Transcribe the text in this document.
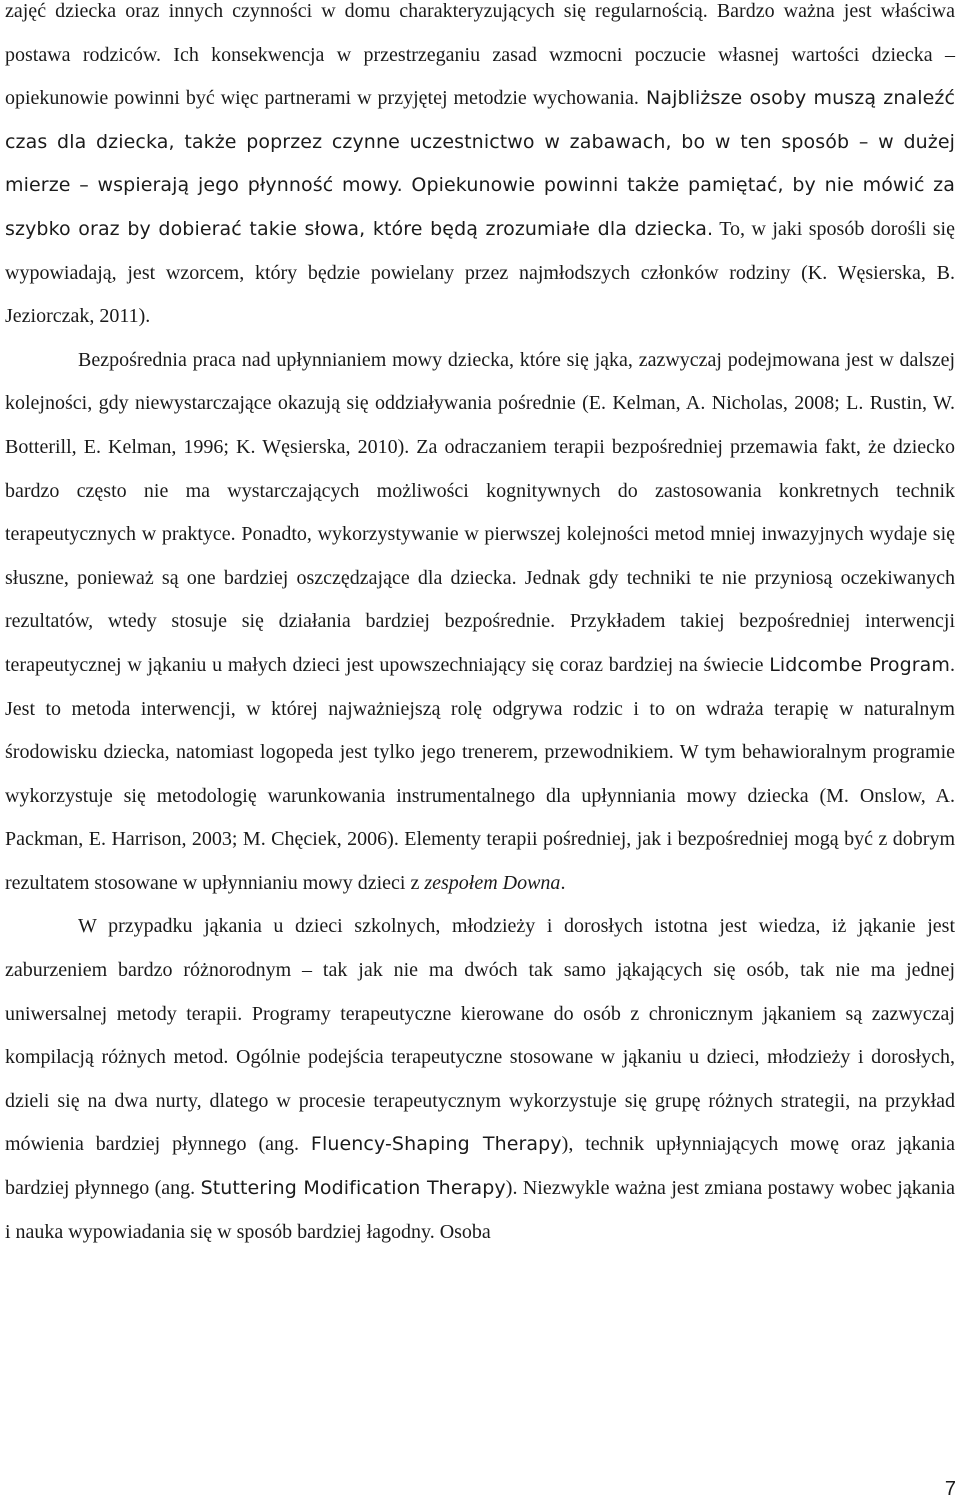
zajęć dziecka oraz innych czynności w domu charakteryzujących się regularnością. Bardzo ważna jest właściwa postawa rodziców. Ich konsekwencja w przestrzeganiu zasad wzmocni poczucie własnej wartości dziecka – opiekunowie powinni być więc partnerami w przyjętej metodzie wychowania. Najbliższe osoby muszą znaleźć czas dla dziecka, także poprzez czynne uczestnictwo w zabawach, bo w ten sposób – w dużej mierze – wspierają jego płynność mowy. Opiekunowie powinni także pamiętać, by nie mówić za szybko oraz by dobierać takie słowa, które będą zrozumiałe dla dziecka. To, w jaki sposób dorośli się wypowiadają, jest wzorcem, który będzie powielany przez najmłodszych członków rodziny (K. Węsierska, B. Jeziorczak, 2011).

Bezpośrednia praca nad upłynnianiem mowy dziecka, które się jąka, zazwyczaj podejmowana jest w dalszej kolejności, gdy niewystarczające okazują się oddziaływania pośrednie (E. Kelman, A. Nicholas, 2008; L. Rustin, W. Botterill, E. Kelman, 1996; K. Węsierska, 2010). Za odraczaniem terapii bezpośredniej przemawia fakt, że dziecko bardzo często nie ma wystarczających możliwości kognitywnych do zastosowania konkretnych technik terapeutycznych w praktyce. Ponadto, wykorzystywanie w pierwszej kolejności metod mniej inwazyjnych wydaje się słuszne, ponieważ są one bardziej oszczędzające dla dziecka. Jednak gdy techniki te nie przyniosą oczekiwanych rezultatów, wtedy stosuje się działania bardziej bezpośrednie. Przykładem takiej bezpośredniej interwencji terapeutycznej w jąkaniu u małych dzieci jest upowszechniający się coraz bardziej na świecie Lidcombe Program. Jest to metoda interwencji, w której najważniejszą rolę odgrywa rodzic i to on wdraża terapię w naturalnym środowisku dziecka, natomiast logopeda jest tylko jego trenerem, przewodnikiem. W tym behawioralnym programie wykorzystuje się metodologię warunkowania instrumentalnego dla upłynniania mowy dziecka (M. Onslow, A. Packman, E. Harrison, 2003; M. Chęciek, 2006). Elementy terapii pośredniej, jak i bezpośredniej mogą być z dobrym rezultatem stosowane w upłynnianiu mowy dzieci z zespołem Downa.

W przypadku jąkania u dzieci szkolnych, młodzieży i dorosłych istotna jest wiedza, iż jąkanie jest zaburzeniem bardzo różnorodnym – tak jak nie ma dwóch tak samo jąkających się osób, tak nie ma jednej uniwersalnej metody terapii. Programy terapeutyczne kierowane do osób z chronicznym jąkaniem są zazwyczaj kompilacją różnych metod. Ogólnie podejścia terapeutyczne stosowane w jąkaniu u dzieci, młodzieży i dorosłych, dzieli się na dwa nurty, dlatego w procesie terapeutycznym wykorzystuje się grupę różnych strategii, na przykład mówienia bardziej płynnego (ang. Fluency-Shaping Therapy), technik upłynniających mowę oraz jąkania bardziej płynnego (ang. Stuttering Modification Therapy). Niezwykle ważna jest zmiana postawy wobec jąkania i nauka wypowiadania się w sposób bardziej łagodny. Osoba

7
